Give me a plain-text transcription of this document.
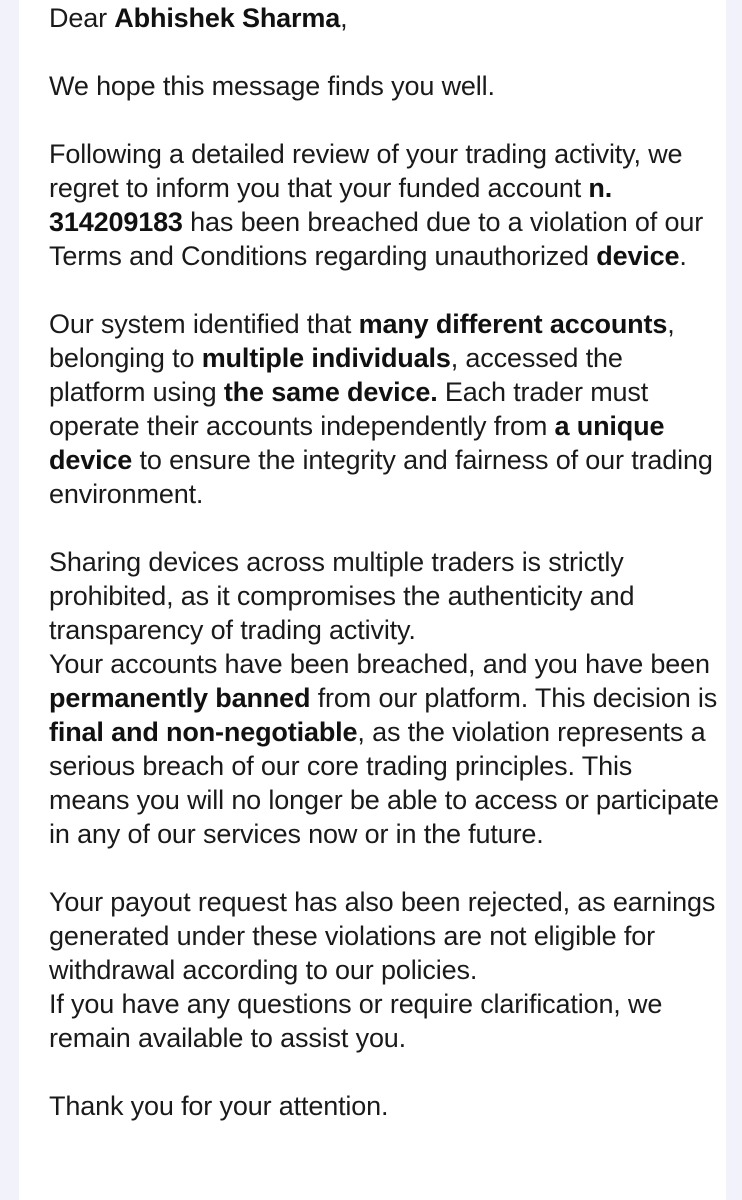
Dear Abhishek Sharma,

We hope this message finds you well.

Following a detailed review of your trading activity, we regret to inform you that your funded account n. 314209183 has been breached due to a violation of our Terms and Conditions regarding unauthorized device.

Our system identified that many different accounts, belonging to multiple individuals, accessed the platform using the same device. Each trader must operate their accounts independently from a unique device to ensure the integrity and fairness of our trading environment.

Sharing devices across multiple traders is strictly prohibited, as it compromises the authenticity and transparency of trading activity.

Your accounts have been breached, and you have been permanently banned from our platform. This decision is final and non-negotiable, as the violation represents a serious breach of our core trading principles. This means you will no longer be able to access or participate in any of our services now or in the future.

Your payout request has also been rejected, as earnings generated under these violations are not eligible for withdrawal according to our policies.

If you have any questions or require clarification, we remain available to assist you.

Thank you for your attention.
